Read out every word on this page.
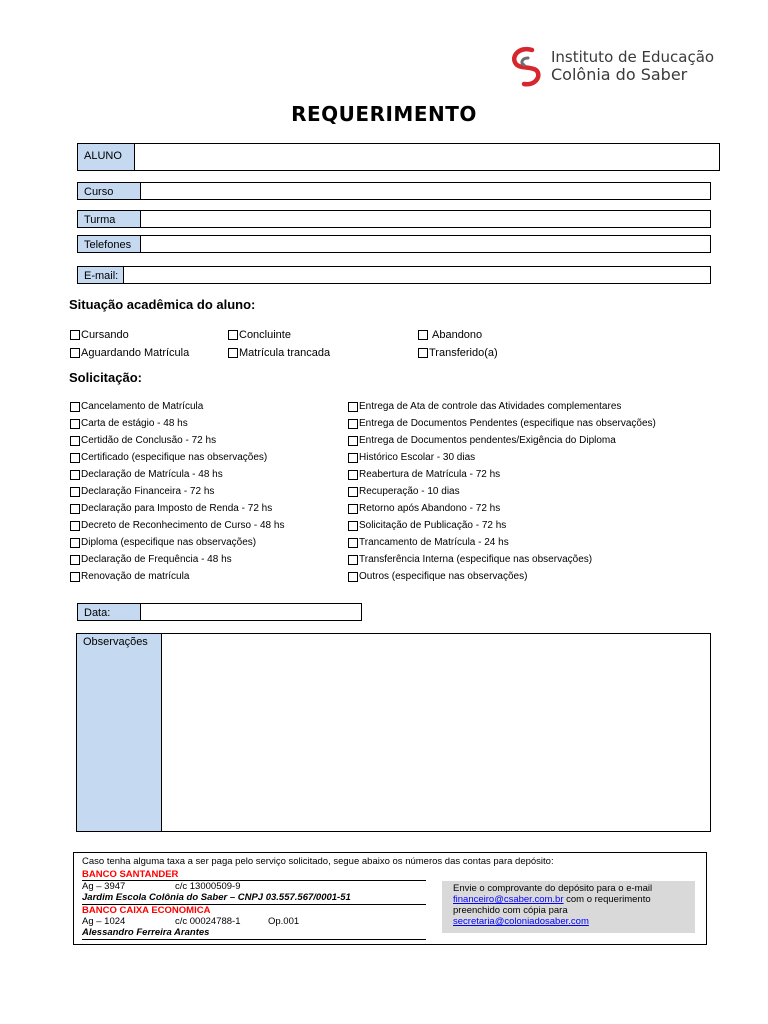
Instituto de Educação
Colônia do Saber
REQUERIMENTO
ALUNO
Curso
Turma
Telefones
E-mail:
Situação acadêmica do aluno:
Cursando	Concluinte	Abandono
Aguardando Matrícula	Matrícula trancada	Transferido(a)
Solicitação:
Cancelamento de Matrícula
Carta de estágio - 48 hs
Certidão de Conclusão - 72 hs
Certificado (especifique nas observações)
Declaração de Matrícula - 48 hs
Declaração Financeira - 72 hs
Declaração para Imposto de Renda - 72 hs
Decreto de Reconhecimento de Curso - 48 hs
Diploma (especifique nas observações)
Declaração de Frequência - 48 hs
Renovação de matrícula
Entrega de Ata de controle das Atividades complementares
Entrega de Documentos Pendentes (especifique nas observações)
Entrega de Documentos pendentes/Exigência do Diploma
Histórico Escolar - 30 dias
Reabertura de Matrícula - 72 hs
Recuperação - 10 dias
Retorno após Abandono - 72 hs
Solicitação de Publicação - 72 hs
Trancamento de Matrícula - 24 hs
Transferência Interna (especifique nas observações)
Outros (especifique nas observações)
Data:
Observações
Caso tenha alguma taxa a ser paga pelo serviço solicitado, segue abaixo os números das contas para depósito:
BANCO SANTANDER
Ag – 3947	c/c 13000509-9
Jardim Escola Colônia do Saber – CNPJ 03.557.567/0001-51
BANCO CAIXA ECONOMICA
Ag – 1024	c/c 00024788-1	Op.001
Alessandro Ferreira Arantes
Envie o comprovante do depósito para o e-mail
financeiro@csaber.com.br com o requerimento preenchido com cópia para
secretaria@coloniadosaber.com
